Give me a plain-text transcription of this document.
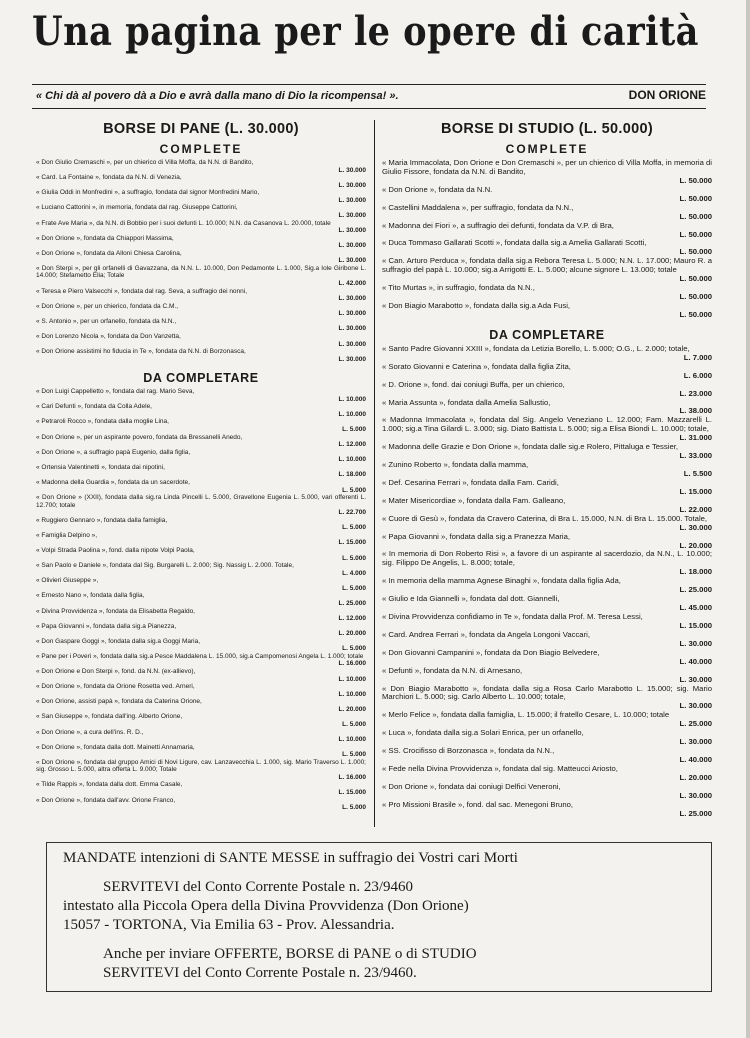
Una pagina per le opere di carità
« Chi dà al povero dà a Dio e avrà dalla mano di Dio la ricompensa! ».	DON ORIONE
BORSE DI PANE (L. 30.000)
COMPLETE
« Don Giulio Cremaschi », per un chierico di Villa Moffa, da N.N. di Bandito,
L. 30.000
« Card. La Fontaine », fondata da N.N. di Venezia,
L. 30.000
« Giulia Oddi in Monfredini », a suffragio, fondata dal signor Monfredini Mario,
L. 30.000
« Luciano Cattorini », in memoria, fondata dal rag. Giuseppe Cattorini,
L. 30.000
« Frate Ave Maria », da N.N. di Bobbio per i suoi defunti L. 10.000; N.N. da Casanova L. 20.000, totale
L. 30.000
« Don Orione », fondata da Chiappori Massima,
L. 30.000
« Don Orione », fondata da Alloni Chiesa Carolina,
L. 30.000
« Don Sterpi », per gli orfanelli di Gavazzana, da N.N. L. 10.000, Don Pedamonte L. 1.000, Sig.a Iole Giribone L. 14.000; Stefametto Elia; Totale
L. 42.000
« Teresa e Piero Valsecchi », fondata dal rag. Seva, a suffragio dei nonni,
L. 30.000
« Don Orione », per un chierico, fondata da C.M.,
L. 30.000
« S. Antonio », per un orfanello, fondata da N.N.,
L. 30.000
« Don Lorenzo Nicola », fondata da Don Vanzetta,
L. 30.000
« Don Orione assistimi ho fiducia in Te », fondata da N.N. di Borzonasca,
L. 30.000
DA COMPLETARE
« Don Luigi Cappelletto », fondata dal rag. Mario Seva,
L. 10.000
« Cari Defunti », fondata da Colla Adele,
L. 10.000
« Petraroli Rocco », fondata dalla moglie Lina,
L. 5.000
« Don Orione », per un aspirante povero, fondata da Bressanelli Anedo,
L. 12.000
« Don Orione », a suffragio papà Eugenio, dalla figlia,
L. 10.000
« Ortensia Valentinetti », fondata dai nipotini,
L. 18.000
« Madonna della Guardia », fondata da un sacerdote,
L. 5.000
« Don Orione » (XXII), fondata dalla sig.ra Linda Pincelli L. 5.000, Gravellone Eugenia L. 5.000, vari offerenti L. 12.700; totale
L. 22.700
« Ruggiero Gennaro », fondata dalla famiglia,
L. 5.000
« Famiglia Delpino »,
L. 15.000
« Volpi Strada Paolina », fond. dalla nipote Volpi Paola,
L. 5.000
« San Paolo e Daniele », fondata dal Sig. Burgarelli L. 2.000; Sig. Nassig L. 2.000. Totale,
L. 4.000
« Olivieri Giuseppe »,
L. 5.000
« Ernesto Nano », fondata dalla figlia,
L. 25.000
« Divina Provvidenza », fondata da Elisabetta Regaldo,
L. 12.000
« Papa Giovanni », fondata dalla sig.a Pianezza,
L. 20.000
« Don Gaspare Goggi », fondata dalla sig.a Goggi Maria,
L. 5.000
« Pane per i Poveri », fondata dalla sig.a Pesce Maddalena L. 15.000, sig.a Campomenosi Angela L. 1.000; totale
L. 16.000
« Don Orione e Don Sterpi », fond. da N.N. (ex-allievo),
L. 10.000
« Don Orione », fondata da Orione Rosetta ved. Arneri,
L. 10.000
« Don Orione, assisti papà », fondata da Caterina Orione,
L. 20.000
« San Giuseppe », fondata dall'ing. Alberto Orione,
L. 5.000
« Don Orione », a cura dell'ins. R. D.,
L. 10.000
« Don Orione », fondata dalla dott. Mainetti Annamaria,
L. 5.000
« Don Orione », fondata dal gruppo Amici di Novi Ligure, cav. Lanzavecchia L. 1.000, sig. Mario Traverso L. 1.000; sig. Grosso L. 5.000, altra offerta L. 9.000; Totale
L. 16.000
« Tilde Rappis », fondata dalla dott. Emma Casale,
L. 15.000
« Don Orione », fondata dall'avv. Orione Franco,
L. 5.000
BORSE DI STUDIO (L. 50.000)
COMPLETE
« Maria Immacolata, Don Orione e Don Cremaschi », per un chierico di Villa Moffa, in memoria di Giulio Fissore, fondata da N.N. di Bandito,
L. 50.000
« Don Orione », fondata da N.N.
L. 50.000
« Castellini Maddalena », per suffragio, fondata da N.N.,
L. 50.000
« Madonna dei Fiori », a suffragio dei defunti, fondata da V.P. di Bra,
L. 50.000
« Duca Tommaso Gallarati Scotti », fondata dalla sig.a Amelia Gallarati Scotti,
L. 50.000
« Can. Arturo Perduca », fondata dalla sig.a Rebora Teresa L. 5.000; N.N. L. 17.000; Mauro R. a suffragio del papà L. 10.000; sig.a Arrigotti E. L. 5.000; alcune signore L. 13.000; totale
L. 50.000
« Tito Murtas », in suffragio, fondata da N.N.,
L. 50.000
« Don Biagio Marabotto », fondata dalla sig.a Ada Fusi,
L. 50.000
DA COMPLETARE
« Santo Padre Giovanni XXIII », fondata da Letizia Borello, L. 5.000; O.G., L. 2.000; totale,
L. 7.000
« Sorato Giovanni e Caterina », fondata dalla figlia Zita,
L. 6.000
« D. Orione », fond. dai coniugi Buffa, per un chierico,
L. 23.000
« Maria Assunta », fondata dalla Amelia Sallustio,
L. 38.000
« Madonna Immacolata », fondata dal Sig. Angelo Veneziano L. 12.000; Fam. Mazzarelli L. 1.000; sig.a Tina Gilardi L. 3.000; sig. Diato Battista L. 5.000; sig.a Elisa Biondi L. 10.000; totale,
L. 31.000
« Madonna delle Grazie e Don Orione », fondata dalle sig.e Rolero, Pittaluga e Tessier,
L. 33.000
« Zunino Roberto », fondata dalla mamma,
L. 5.500
« Def. Cesarina Ferrari », fondata dalla Fam. Caridi,
L. 15.000
« Mater Misericordiae », fondata dalla Fam. Galleano,
L. 22.000
« Cuore di Gesù », fondata da Cravero Caterina, di Bra L. 15.000, N.N. di Bra L. 15.000. Totale,
L. 30.000
« Papa Giovanni », fondata dalla sig.a Pranezza Maria,
L. 20.000
« In memoria di Don Roberto Risi », a favore di un aspirante al sacerdozio, da N.N., L. 10.000; sig. Filippo De Angelis, L. 8.000; totale,
L. 18.000
« In memoria della mamma Agnese Binaghi », fondata dalla figlia Ada,
L. 25.000
« Giulio e Ida Giannelli », fondata dal dott. Giannelli,
L. 45.000
« Divina Provvidenza confidiamo in Te », fondata dalla Prof. M. Teresa Lessi,
L. 15.000
« Card. Andrea Ferrari », fondata da Angela Longoni Vaccari,
L. 30.000
« Don Giovanni Campanini », fondata da Don Biagio Belvedere,
L. 40.000
« Defunti », fondata da N.N. di Arnesano,
L. 30.000
« Don Biagio Marabotto », fondata dalla sig.a Rosa Carlo Marabotto L. 15.000; sig. Mario Marchiori L. 5.000; sig. Carlo Alberto L. 10.000; totale,
L. 30.000
« Merlo Felice », fondata dalla famiglia, L. 15.000; il fratello Cesare, L. 10.000; totale
L. 25.000
« Luca », fondata dalla sig.a Solari Enrica, per un orfanello,
L. 30.000
« SS. Crocifisso di Borzonasca », fondata da N.N.,
L. 40.000
« Fede nella Divina Provvidenza », fondata dal sig. Matteucci Ariosto,
L. 20.000
« Don Orione », fondata dai coniugi Delfici Veneroni,
L. 30.000
« Pro Missioni Brasile », fond. dal sac. Menegoni Bruno,
L. 25.000

MANDATE intenzioni di SANTE MESSE in suffragio dei Vostri cari Morti

SERVITEVI del Conto Corrente Postale n. 23/9460

intestato alla Piccola Opera della Divina Provvidenza (Don Orione)

15057 - TORTONA, Via Emilia 63 - Prov. Alessandria.

Anche per inviare OFFERTE, BORSE di PANE o di STUDIO

SERVITEVI del Conto Corrente Postale n. 23/9460.
